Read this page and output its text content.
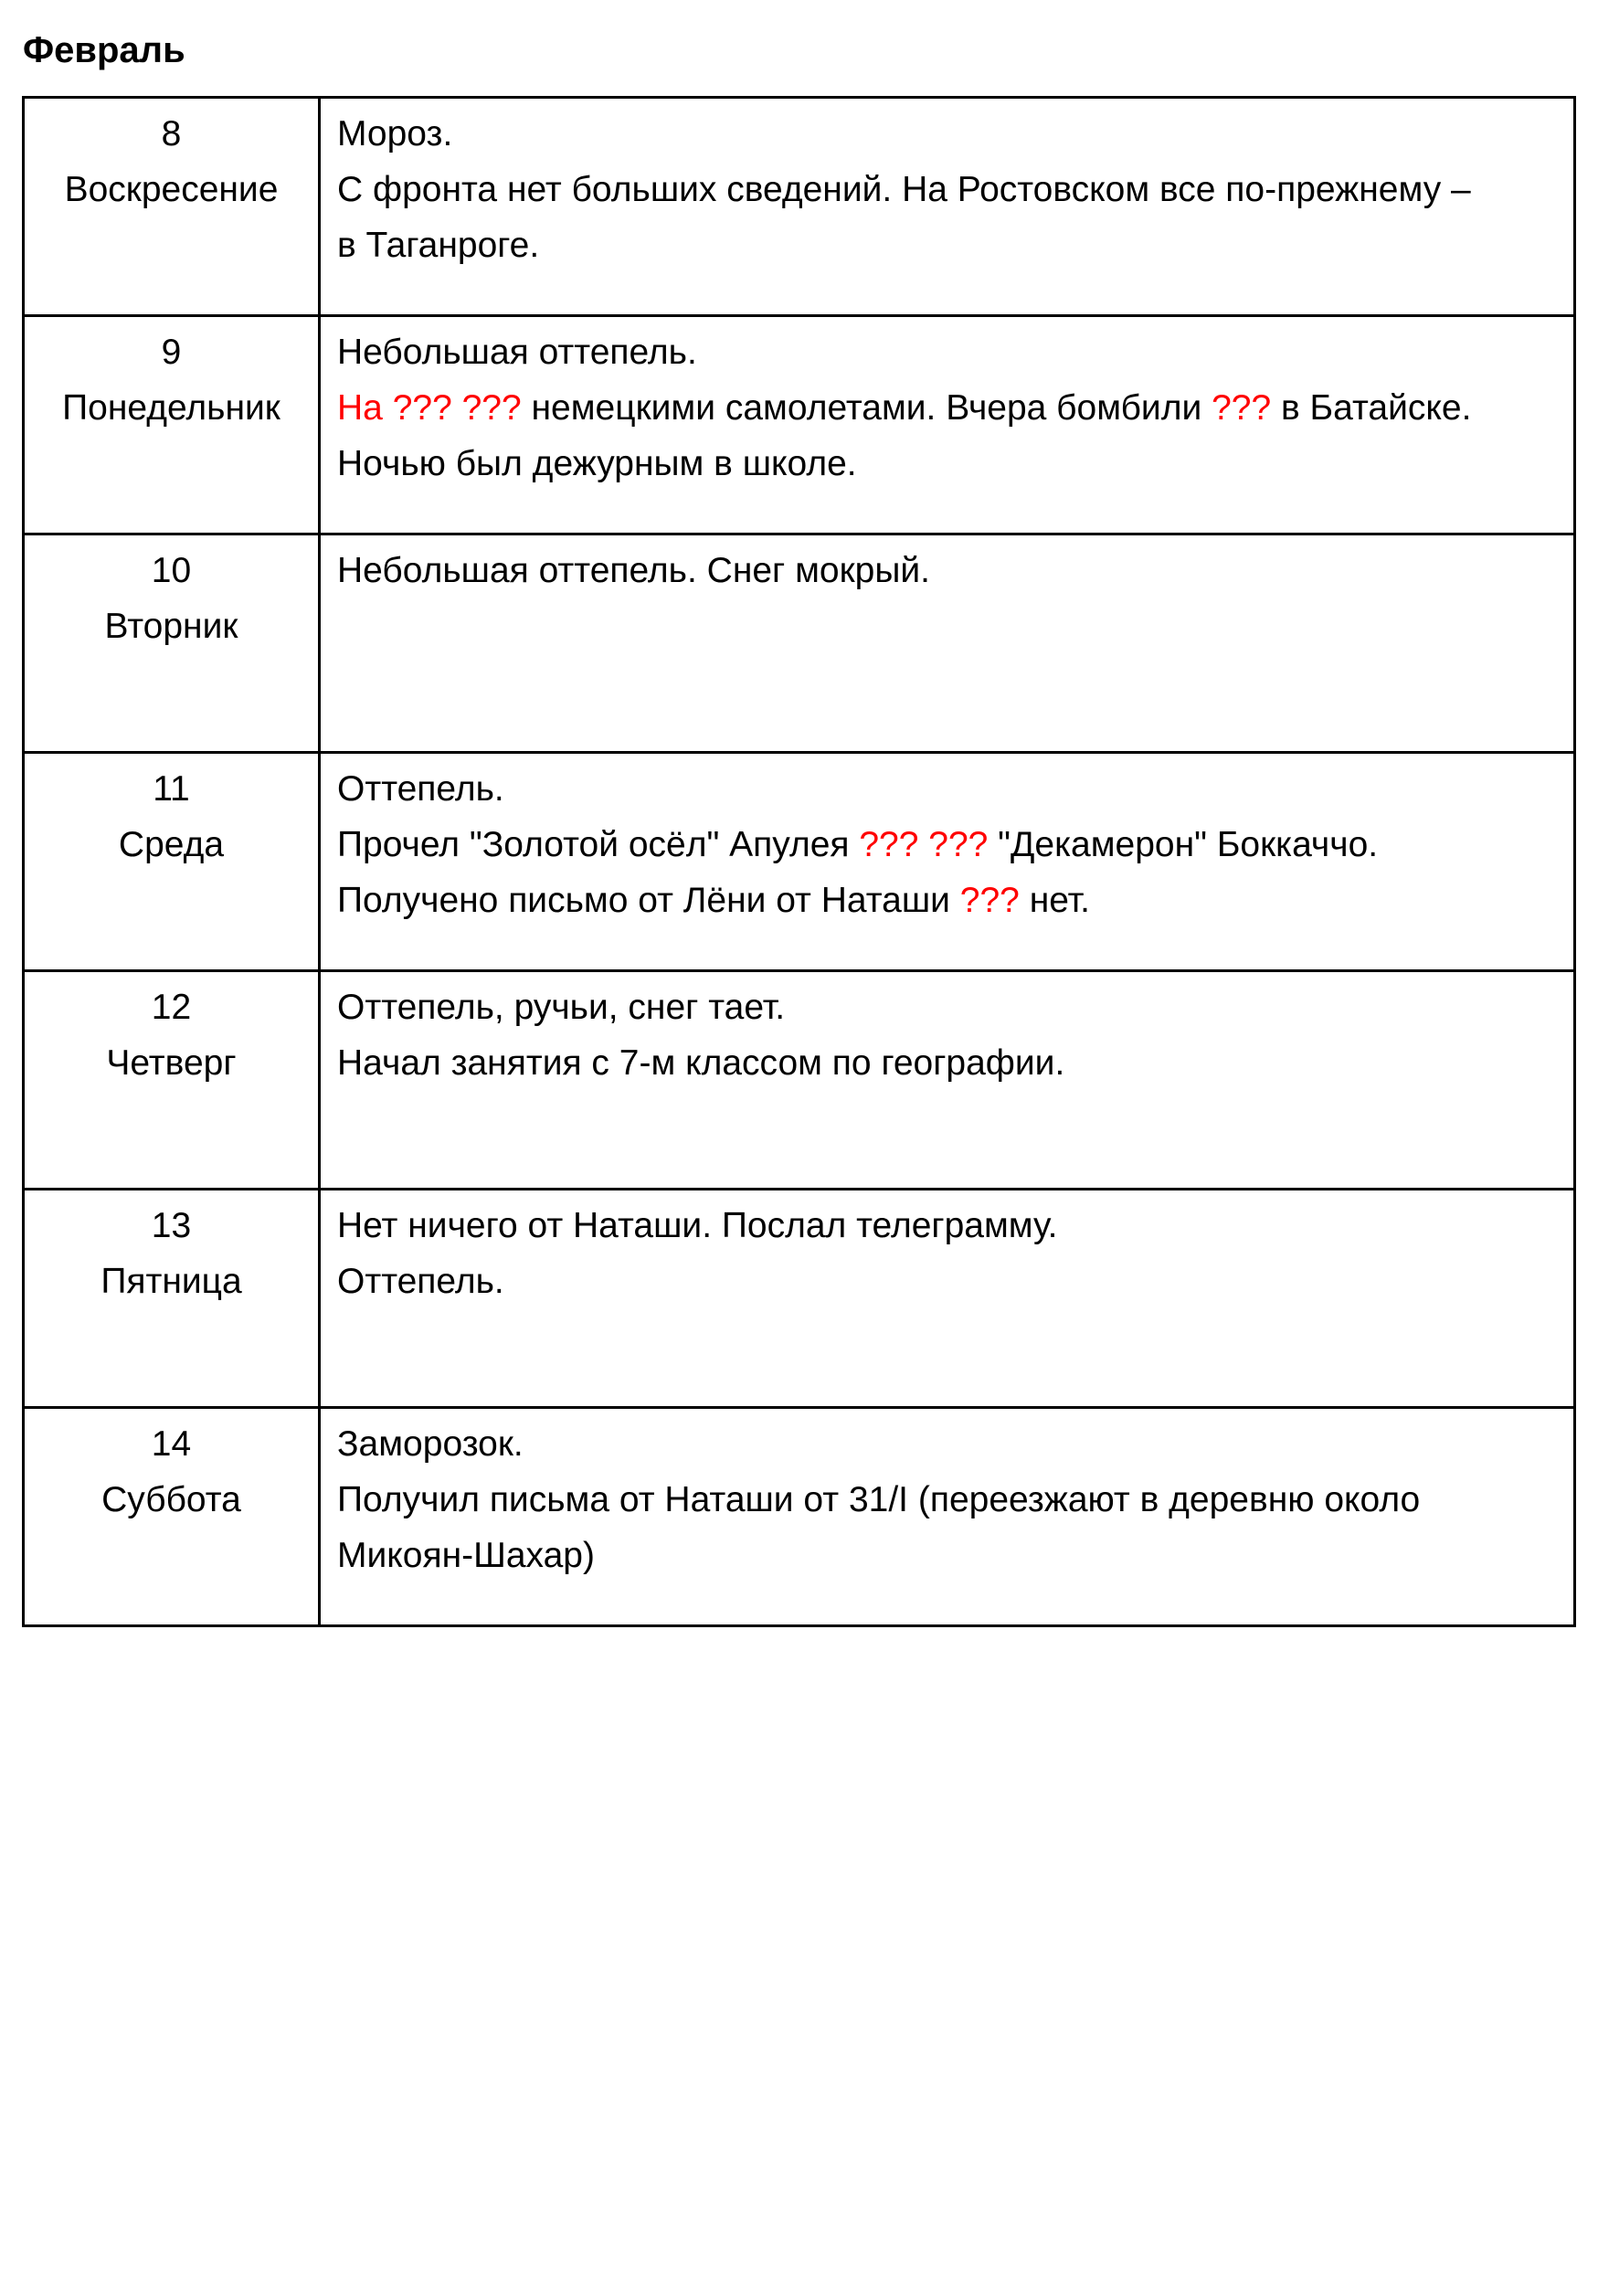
Февраль
8
Воскресение	Мороз.
С фронта нет больших сведений. На Ростовском все по-прежнему –
в Таганроге.

9
Понедельник	Небольшая оттепель.
На ??? ??? немецкими самолетами. Вчера бомбили ??? в Батайске.
Ночью был дежурным в школе.

10
Вторник	Небольшая оттепель. Снег мокрый.

11
Среда	Оттепель.
Прочел "Золотой осёл" Апулея ??? ??? "Декамерон" Боккаччо.
Получено письмо от Лёни от Наташи ??? нет.

12
Четверг	Оттепель, ручьи, снег тает.
Начал занятия с 7-м классом по географии.

13
Пятница	Нет ничего от Наташи. Послал телеграмму.
Оттепель.

14
Суббота	Заморозок.
Получил письма от Наташи от 31/I (переезжают в деревню около
Микоян-Шахар)
